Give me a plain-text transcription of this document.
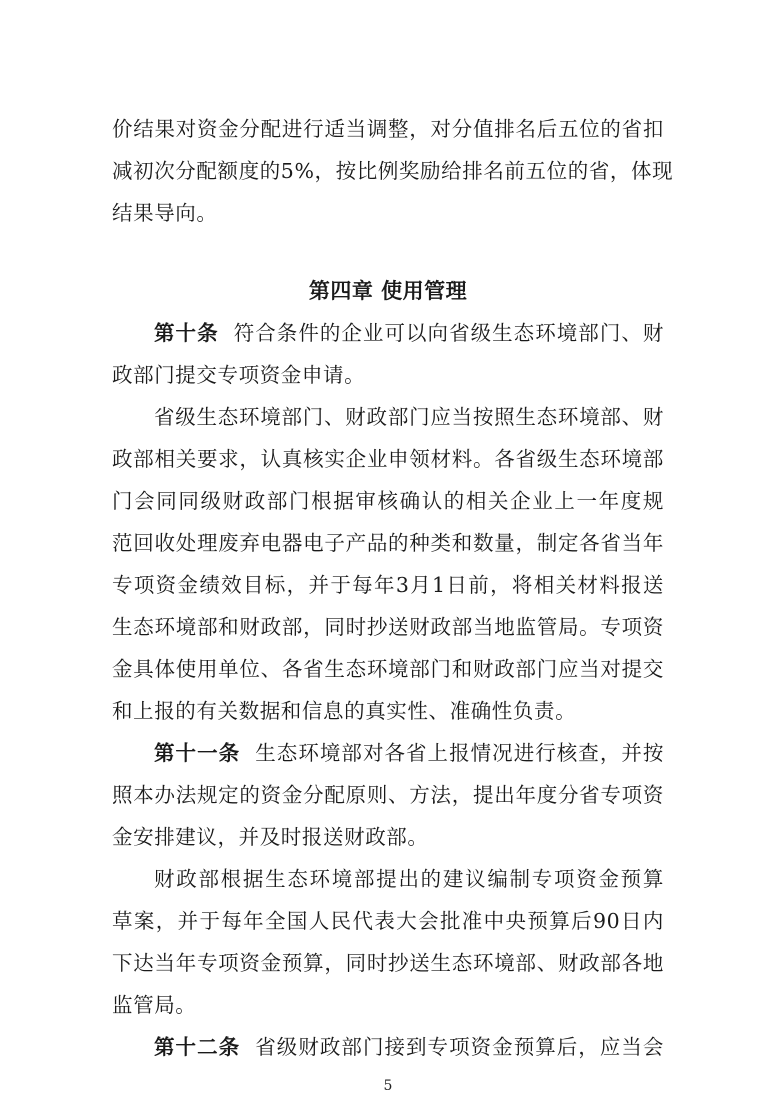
价结果对资金分配进行适当调整，对分值排名后五位的省扣
减初次分配额度的5%，按比例奖励给排名前五位的省，体现
结果导向。
第四章 使用管理
第十条 符合条件的企业可以向省级生态环境部门、财
政部门提交专项资金申请。
省级生态环境部门、财政部门应当按照生态环境部、财
政部相关要求，认真核实企业申领材料。各省级生态环境部
门会同同级财政部门根据审核确认的相关企业上一年度规
范回收处理废弃电器电子产品的种类和数量，制定各省当年
专项资金绩效目标，并于每年3月1日前，将相关材料报送
生态环境部和财政部，同时抄送财政部当地监管局。专项资
金具体使用单位、各省生态环境部门和财政部门应当对提交
和上报的有关数据和信息的真实性、准确性负责。
第十一条 生态环境部对各省上报情况进行核查，并按
照本办法规定的资金分配原则、方法，提出年度分省专项资
金安排建议，并及时报送财政部。
财政部根据生态环境部提出的建议编制专项资金预算
草案，并于每年全国人民代表大会批准中央预算后90日内
下达当年专项资金预算，同时抄送生态环境部、财政部各地
监管局。
第十二条 省级财政部门接到专项资金预算后，应当会
5
